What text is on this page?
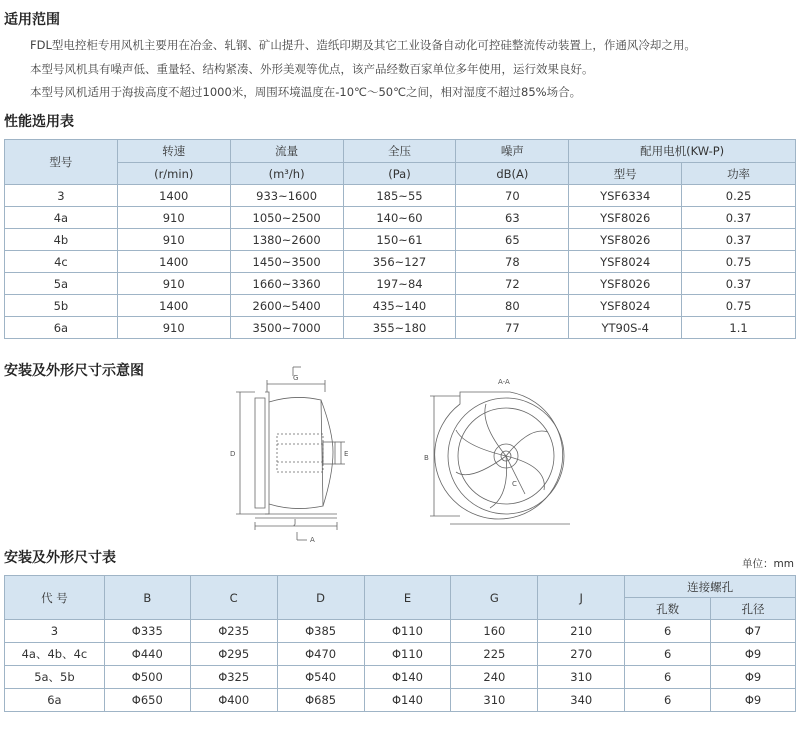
适用范围

FDL型电控柜专用风机主要用在冶金、轧钢、矿山提升、造纸印期及其它工业设备自动化可控硅整流传动装置上，作通风冷却之用。

本型号风机具有噪声低、重量轻、结构紧凑、外形美观等优点，该产品经数百家单位多年使用，运行效果良好。

本型号风机适用于海拔高度不超过1000米，周围环境温度在-10℃～50℃之间，相对湿度不超过85%场合。

性能选用表
型号	转速	流量	全压	噪声	配用电机(KW-P)	
	(r/min)	(m³/h)	(Pa)	dB(A)	型号	功率
3	1400	933~1600	185~55	70	YSF6334	0.25
4a	910	1050~2500	140~60	63	YSF8026	0.37
4b	910	1380~2600	150~61	65	YSF8026	0.37
4c	1400	1450~3500	356~127	78	YSF8024	0.75
5a	910	1660~3360	197~84	72	YSF8026	0.37
5b	1400	2600~5400	435~140	80	YSF8024	0.75
6a	910	3500~7000	355~180	77	YT90S-4	1.1
安装及外形尺寸示意图	G
D	E
J
A
A-A
B
C
安装及外形尺寸表	单位：mm
代 号	B	C	D	E	G	J	连接螺孔	
							孔数	孔径
3	Φ335	Φ235	Φ385	Φ110	160	210	6	Φ7
4a、4b、4c	Φ440	Φ295	Φ470	Φ110	225	270	6	Φ9
5a、5b	Φ500	Φ325	Φ540	Φ140	240	310	6	Φ9
6a	Φ650	Φ400	Φ685	Φ140	310	340	6	Φ9
